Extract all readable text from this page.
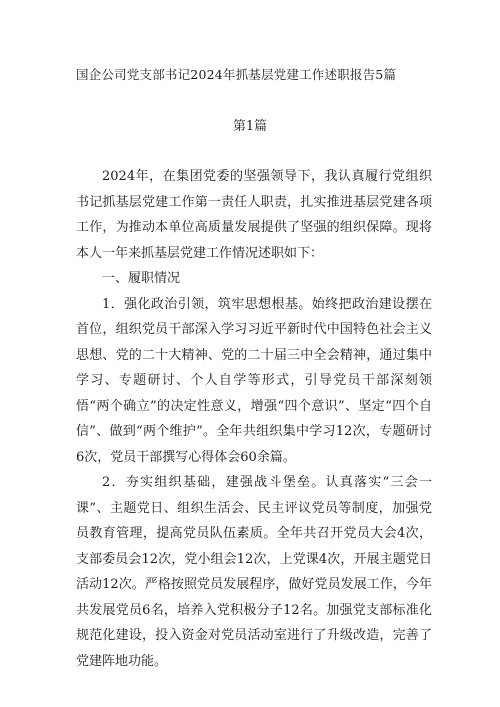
国企公司党支部书记2024年抓基层党建工作述职报告5篇
第1篇

2024年，在集团党委的坚强领导下，我认真履行党组织书记抓基层党建工作第一责任人职责，扎实推进基层党建各项工作，为推动本单位高质量发展提供了坚强的组织保障。现将本人一年来抓基层党建工作情况述职如下：

一、履职情况

1．强化政治引领，筑牢思想根基。始终把政治建设摆在首位，组织党员干部深入学习习近平新时代中国特色社会主义思想、党的二十大精神、党的二十届三中全会精神，通过集中学习、专题研讨、个人自学等形式，引导党员干部深刻领悟“两个确立”的决定性意义，增强“四个意识”、坚定“四个自信”、做到“两个维护”。全年共组织集中学习12次，专题研讨6次，党员干部撰写心得体会60余篇。

2．夯实组织基础，建强战斗堡垒。认真落实“三会一课”、主题党日、组织生活会、民主评议党员等制度，加强党员教育管理，提高党员队伍素质。全年共召开党员大会4次，支部委员会12次，党小组会12次，上党课4次，开展主题党日活动12次。严格按照党员发展程序，做好党员发展工作，今年共发展党员6名，培养入党积极分子12名。加强党支部标准化规范化建设，投入资金对党员活动室进行了升级改造，完善了党建阵地功能。
